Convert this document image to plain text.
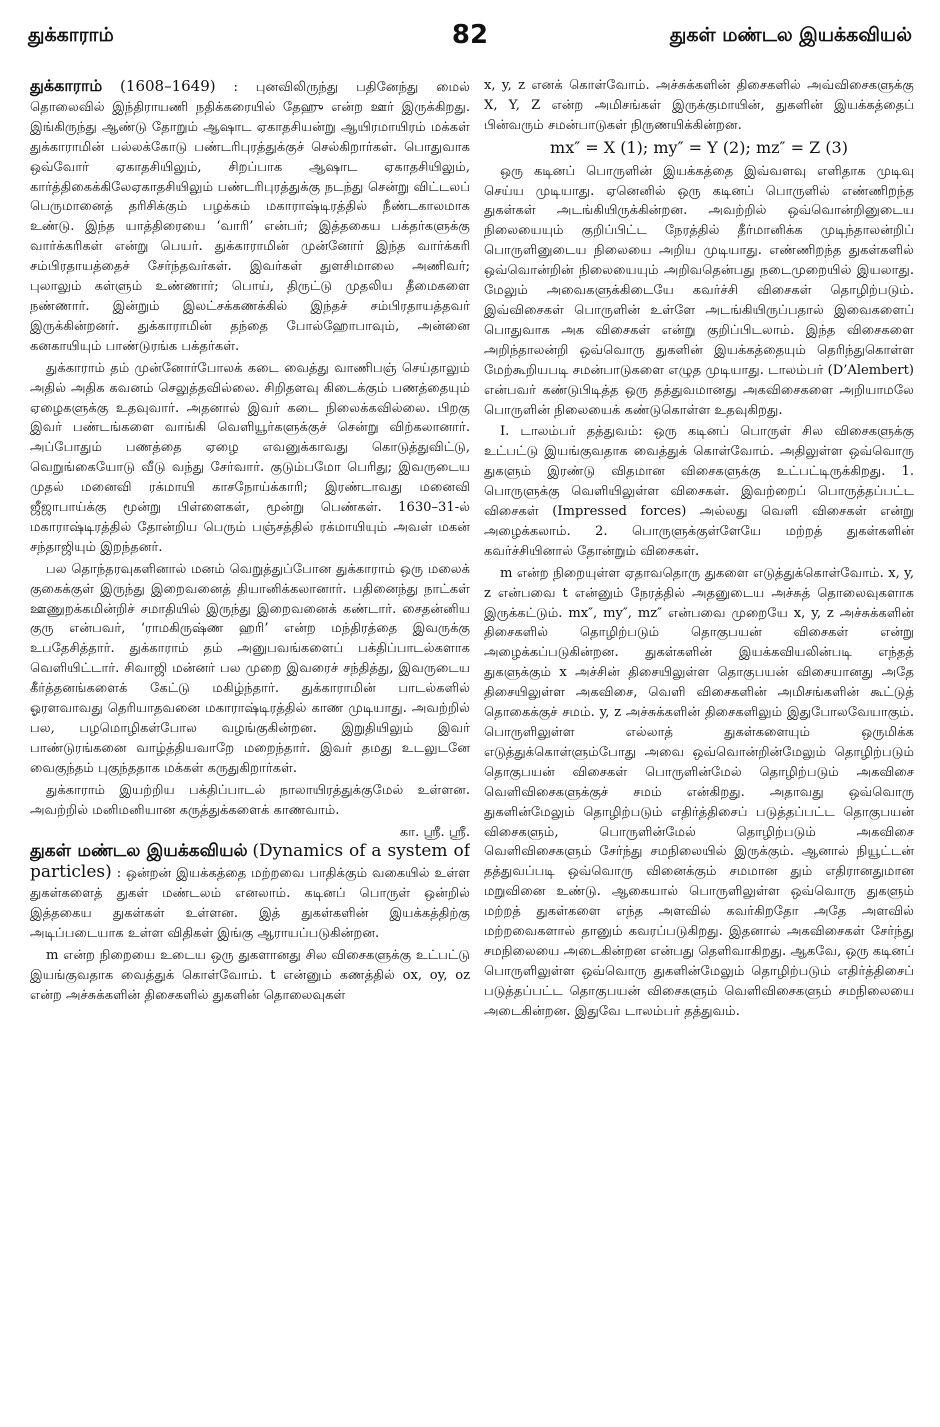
துக்காராம்	82	துகள் மண்டல இயக்கவியல்

துக்காராம் (1608–1649) : புனவிலிருந்து பதினேந்து மைல் தொலைவில் இந்திராயணி நதிக்கரையில் தேஹு என்ற ஊர் இருக்கிறது. இங்கிருந்து ஆண்டு தோறும் ஆஷாட ஏகாதசியன்று ஆயிரமாயிரம் மக்கள் துக்காராமின் பல்லக்கோடு பண்டரிபுரத்துக்குச் செல்கிறார்கள். பொதுவாக ஒவ்வோர் ஏகாதசியிலும், சிறப்பாக ஆஷாட ஏகாதசியிலும், கார்த்திகைக்கிலேஏகாதசியிலும் பண்டரிபுரத்துக்கு நடந்து சென்று விட்டலப் பெருமானைத் தரிசிக்கும் பழக்கம் மகாராஷ்டிரத்தில் நீண்டகாலமாக உண்டு. இந்த யாத்திரையை ‘வாரி’ என்பர்; இத்தகைய பக்தர்களுக்கு வார்க்கரிகள் என்று பெயர். துக்காராமின் முன்னோர் இந்த வார்க்கரி சம்பிரதாயத்தைச் சேர்ந்தவர்கள். இவர்கள் துளசிமாலை அணிவர்; புலாலும் கள்ளும் உண்ணார்; பொய், திருட்டு முதலிய தீமைகளை நண்ணார். இன்றும் இலட்சக்கணக்கில் இந்தச் சம்பிரதாயத்தவர் இருக்கின்றனர். துக்காராமின் தந்தை போல்ஹோபாவும், அன்னை கனகாயியும் பாண்டுரங்க பக்தர்கள்.

துக்காராம் தம் முன்னோர்போலக் கடை வைத்து வாணிபஞ் செய்தாலும் அதில் அதிக கவனம் செலுத்தவில்லை. சிறிதளவு கிடைக்கும் பணத்தையும் ஏழைகளுக்கு உதவுவார். அதனால் இவர் கடை நிலைக்கவில்லை. பிறகு இவர் பண்டங்களை வாங்கி வெளியூர்களுக்குச் சென்று விற்கலானார். அப்போதும் பணத்தை ஏழை எவனுக்காவது கொடுத்துவிட்டு, வெறுங்கையோடு வீடு வந்து சேர்வார். குடும்பமோ பெரிது; இவருடைய முதல் மனைவி ரக்மாயி காசநோய்க்காரி; இரண்டாவது மனைவி ஜீஜாபாய்க்கு மூன்று பிள்ளைகள், மூன்று பெண்கள். 1630–31-ல் மகாராஷ்டிரத்தில் தோன்றிய பெரும் பஞ்சத்தில் ரக்மாயியும் அவள் மகன் சந்தாஜியும் இறந்தனர்.

பல தொந்தரவுகளினால் மனம் வெறுத்துப்போன துக்காராம் ஒரு மலைக் குகைக்குள் இருந்து இறைவனைத் தியானிக்கலானார். பதினைந்து நாட்கள் ஊணுறக்கமின்றிச் சமாதியில் இருந்து இறைவனைக் கண்டார். சைதன்னிய குரு என்பவர், ‘ராமகிருஷ்ண ஹரி’ என்ற மந்திரத்தை இவருக்கு உபதேசித்தார். துக்காராம் தம் அனுபவங்களைப் பக்திப்பாடல்களாக வெளியிட்டார். சிவாஜி மன்னர் பல முறை இவரைச் சந்தித்து, இவருடைய கீர்த்தனங்களைக் கேட்டு மகிழ்ந்தார். துக்காராமின் பாடல்களில் ஓரளவாவது தெரியாதவனை மகாராஷ்டிரத்தில் காண முடியாது. அவற்றில் பல, பழமொழிகள்போல வழங்குகின்றன. இறுதியிலும் இவர் பாண்டுரங்கனை வாழ்த்தியவாறே மறைந்தார். இவர் தமது உடலுடனே வைகுந்தம் புகுந்ததாக மக்கள் கருதுகிறார்கள்.

துக்காராம் இயற்றிய பக்திப்பாடல் நாலாயிரத்துக்குமேல் உள்ளன. அவற்றில் மனிமனியான கருத்துக்களைக் காணவாம்.

கா. ஸ்ரீ. ஸ்ரீ.

துகள் மண்டல இயக்கவியல் (Dynamics of a system of particles) : ஒன்றன் இயக்கத்தை மற்றவை பாதிக்கும் வகையில் உள்ள துகள்களைத் துகள் மண்டலம் எனலாம். கடினப் பொருள் ஒன்றில் இத்தகைய துகள்கள் உள்ளன. இத் துகள்களின் இயக்கத்திற்கு அடிப்படையாக உள்ள விதிகள் இங்கு ஆராயப்படுகின்றன.

m என்ற நிறையை உடைய ஒரு துகளானது சில விசைகளுக்கு உட்பட்டு இயங்குவதாக வைத்துக் கொள்வோம். t என்னும் கணத்தில் ox, oy, oz என்ற அச்சுக்களின் திசைகளில் துகளின் தொலைவுகள்

x, y, z எனக் கொள்வோம். அச்சுக்களின் திசைகளில் அவ்விசைகளுக்கு X, Y, Z என்ற அமிசங்கள் இருக்குமாயின், துகளின் இயக்கத்தைப் பின்வரும் சமன்பாடுகள் நிருணயிக்கின்றன.

mx″ = X (1); my″ = Y (2); mz″ = Z (3)

ஒரு கடினப் பொருளின் இயக்கத்தை இவ்வளவு எளிதாக முடிவு செய்ய முடியாது. ஏனெனில் ஒரு கடினப் பொருளில் எண்ணிறந்த துகள்கள் அடங்கியிருக்கின்றன. அவற்றில் ஒவ்வொன்றினுடைய நிலையையும் குறிப்பிட்ட நேரத்தில் தீர்மானிக்க முடிந்தாலன்றிப் பொருளினுடைய நிலையை அறிய முடியாது. எண்ணிறந்த துகள்களில் ஒவ்வொன்றின் நிலையையும் அறிவதென்பது நடைமுறையில் இயலாது. மேலும் அவைகளுக்கிடையே கவர்ச்சி விசைகள் தொழிற்படும். இவ்விசைகள் பொருளின் உள்ளே அடங்கியிருப்பதால் இவைகளைப் பொதுவாக அக விசைகள் என்று குறிப்பிடலாம். இந்த விசைகளை அறிந்தாலன்றி ஒவ்வொரு துகளின் இயக்கத்தையும் தெரிந்துகொள்ள மேற்கூறியபடி சமன்பாடுகளை எழுத முடியாது. டாலம்பர் (D’Alembert) என்பவர் கண்டுபிடித்த ஒரு தத்துவமானது அகவிசைகளை அறியாமலே பொருளின் நிலையைக் கண்டுகொள்ள உதவுகிறது.

I. டாலம்பர் தத்துவம்: ஒரு கடினப் பொருள் சில விசைகளுக்கு உட்பட்டு இயங்குவதாக வைத்துக் கொள்வோம். அதிலுள்ள ஒவ்வொரு துகளும் இரண்டு விதமான விசைகளுக்கு உட்பட்டிருக்கிறது. 1. பொருளுக்கு வெளியிலுள்ள விசைகள். இவற்றைப் பொருத்தப்பட்ட விசைகள் (Impressed forces) அல்லது வெளி விசைகள் என்று அழைக்கலாம். 2. பொருளுக்குள்ளேயே மற்றத் துகள்களின் கவர்ச்சியினால் தோன்றும் விசைகள்.

m என்ற நிறையுள்ள ஏதாவதொரு துகளை எடுத்துக்கொள்வோம். x, y, z என்பவை t என்னும் நேரத்தில் அதனுடைய அச்சுத் தொலைவுகளாக இருக்கட்டும். mx″, my″, mz″ என்பவை முறையே x, y, z அச்சுக்களின் திசைகளில் தொழிற்படும் தொகுபயன் விசைகள் என்று அழைக்கப்படுகின்றன. துகள்களின் இயக்கவியலின்படி எந்தத் துகளுக்கும் x அச்சின் திசையிலுள்ள தொகுபயன் விசையானது அதே திசையிலுள்ள அகவிசை, வெளி விசைகளின் அமிசங்களின் கூட்டுத் தொகைக்குச் சமம். y, z அச்சுக்களின் திசைகளிலும் இதுபோலவேயாகும். பொருளிலுள்ள எல்லாத் துகள்களையும் ஒருமிக்க எடுத்துக்கொள்ளும்போது அவை ஒவ்வொன்றின்மேலும் தொழிற்படும் தொகுபயன் விசைகள் பொருளின்மேல் தொழிற்படும் அகவிசை வெளிவிசைகளுக்குச் சமம் என்கிறது. அதாவது ஒவ்வொரு துகளின்மேலும் தொழிற்படும் எதிர்த்திசைப் படுத்தப்பட்ட தொகுபயன் விசைகளும், பொருளின்மேல் தொழிற்படும் அகவிசை வெளிவிசைகளும் சேர்ந்து சமநிலையில் இருக்கும். ஆனால் நியூட்டன் தத்துவப்படி ஒவ்வொரு வினைக்கும் சமமான தும் எதிரானதுமான மறுவினை உண்டு. ஆகையால் பொருளிலுள்ள ஒவ்வொரு துகளும் மற்றத் துகள்களை எந்த அளவில் கவர்கிறதோ அதே அளவில் மற்றவைகளால் தானும் கவரப்படுகிறது. இதனால் அகவிசைகள் சேர்ந்து சமநிலையை அடைகின்றன என்பது தெளிவாகிறது. ஆகவே, ஒரு கடினப் பொருளிலுள்ள ஒவ்வொரு துகளின்மேலும் தொழிற்படும் எதிர்த்திசைப் படுத்தப்பட்ட தொகுபயன் விசைகளும் வெளிவிசைகளும் சமநிலையை அடைகின்றன. இதுவே டாலம்பர் தத்துவம்.
